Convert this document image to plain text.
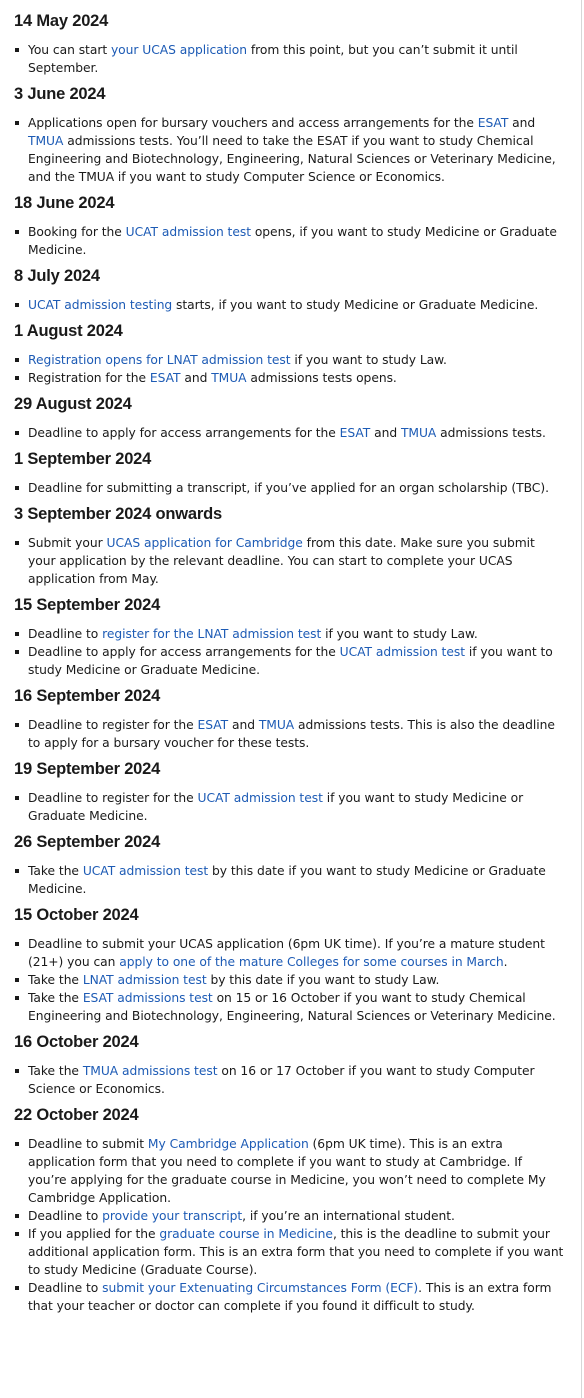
14 May 2024
You can start your UCAS application from this point, but you can’t submit it until September.
3 June 2024
Applications open for bursary vouchers and access arrangements for the ESAT and TMUA admissions tests. You’ll need to take the ESAT if you want to study Chemical Engineering and Biotechnology, Engineering, Natural Sciences or Veterinary Medicine, and the TMUA if you want to study Computer Science or Economics.
18 June 2024
Booking for the UCAT admission test opens, if you want to study Medicine or Graduate Medicine.
8 July 2024
UCAT admission testing starts, if you want to study Medicine or Graduate Medicine.
1 August 2024
Registration opens for LNAT admission test if you want to study Law.
Registration for the ESAT and TMUA admissions tests opens.
29 August 2024
Deadline to apply for access arrangements for the ESAT and TMUA admissions tests.
1 September 2024
Deadline for submitting a transcript, if you’ve applied for an organ scholarship (TBC).
3 September 2024 onwards
Submit your UCAS application for Cambridge from this date. Make sure you submit your application by the relevant deadline. You can start to complete your UCAS application from May.
15 September 2024
Deadline to register for the LNAT admission test if you want to study Law.
Deadline to apply for access arrangements for the UCAT admission test if you want to study Medicine or Graduate Medicine.
16 September 2024
Deadline to register for the ESAT and TMUA admissions tests. This is also the deadline to apply for a bursary voucher for these tests.
19 September 2024
Deadline to register for the UCAT admission test if you want to study Medicine or Graduate Medicine.
26 September 2024
Take the UCAT admission test by this date if you want to study Medicine or Graduate Medicine.
15 October 2024
Deadline to submit your UCAS application (6pm UK time). If you’re a mature student (21+) you can apply to one of the mature Colleges for some courses in March.
Take the LNAT admission test by this date if you want to study Law.
Take the ESAT admissions test on 15 or 16 October if you want to study Chemical Engineering and Biotechnology, Engineering, Natural Sciences or Veterinary Medicine.
16 October 2024
Take the TMUA admissions test on 16 or 17 October if you want to study Computer Science or Economics.
22 October 2024
Deadline to submit My Cambridge Application (6pm UK time). This is an extra application form that you need to complete if you want to study at Cambridge. If you’re applying for the graduate course in Medicine, you won’t need to complete My Cambridge Application.
Deadline to provide your transcript, if you’re an international student.
If you applied for the graduate course in Medicine, this is the deadline to submit your additional application form. This is an extra form that you need to complete if you want to study Medicine (Graduate Course).
Deadline to submit your Extenuating Circumstances Form (ECF). This is an extra form that your teacher or doctor can complete if you found it difficult to study.
